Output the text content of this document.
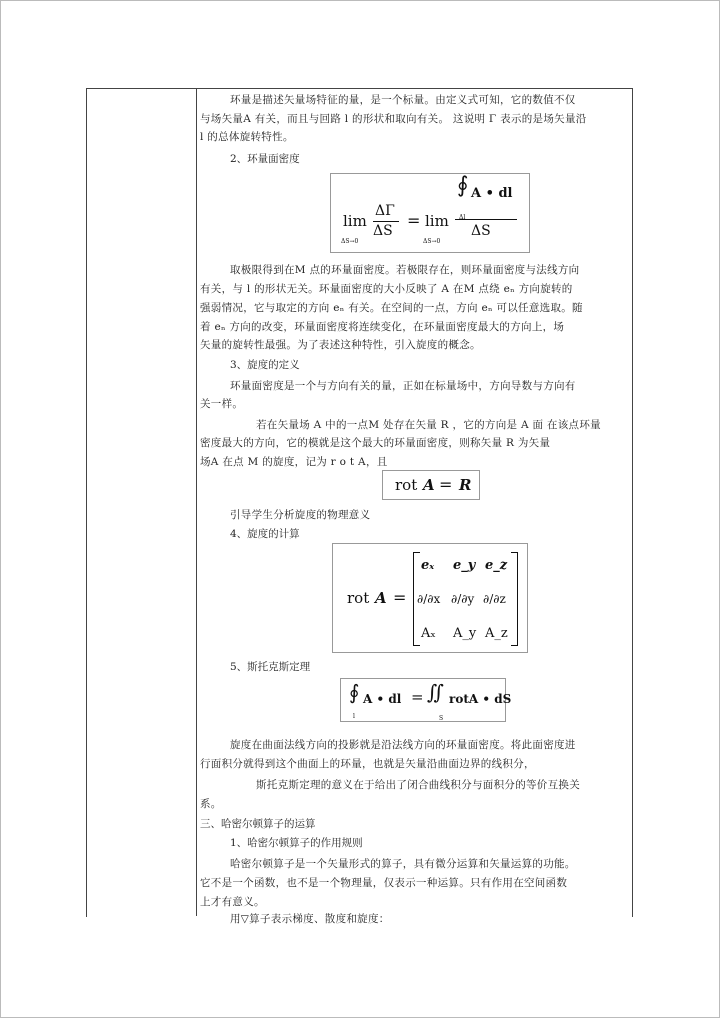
环量是描述矢量场特征的量，是一个标量。由定义式可知，它的数值不仅
与场矢量A 有关，而且与回路 l 的形状和取向有关。 这说明 Γ 表示的是场矢量沿
l 的总体旋转特性。
2、环量面密度
lim
ΔS→0
ΔΓ
ΔS
= lim
ΔS→0
∮
Δl
A • dl
ΔS
取极限得到在M 点的环量面密度。若极限存在，则环量面密度与法线方向
有关，与 l 的形状无关。环量面密度的大小反映了 A 在M 点绕 eₙ 方向旋转的
强弱情况，它与取定的方向 eₙ 有关。在空间的一点，方向 eₙ 可以任意选取。随
着 eₙ 方向的改变，环量面密度将连续变化，在环量面密度最大的方向上，场
矢量的旋转性最强。为了表述这种特性，引入旋度的概念。
3、旋度的定义
环量面密度是一个与方向有关的量，正如在标量场中，方向导数与方向有
关一样。
若在矢量场 A 中的一点M 处存在矢量 R ，它的方向是 A 面 在该点环量
密度最大的方向，它的模就是这个最大的环量面密度，则称矢量 R 为矢量
场A 在点 M 的旋度，记为 r o t A，且
rot A = R
引导学生分析旋度的物理意义
4、旋度的计算
rot A =
eₓ e_y e_z
∂/∂x ∂/∂y ∂/∂z
Aₓ A_y A_z
5、斯托克斯定理
∮
l
A • dl = ∬
S
rotA • dS
旋度在曲面法线方向的投影就是沿法线方向的环量面密度。将此面密度进
行面积分就得到这个曲面上的环量，也就是矢量沿曲面边界的线积分，
斯托克斯定理的意义在于给出了闭合曲线积分与面积分的等价互换关
系。
三、哈密尔顿算子的运算
1、哈密尔顿算子的作用规则
哈密尔顿算子是一个矢量形式的算子，具有微分运算和矢量运算的功能。
它不是一个函数，也不是一个物理量，仅表示一种运算。只有作用在空间函数
上才有意义。
用▽算子表示梯度、散度和旋度：
